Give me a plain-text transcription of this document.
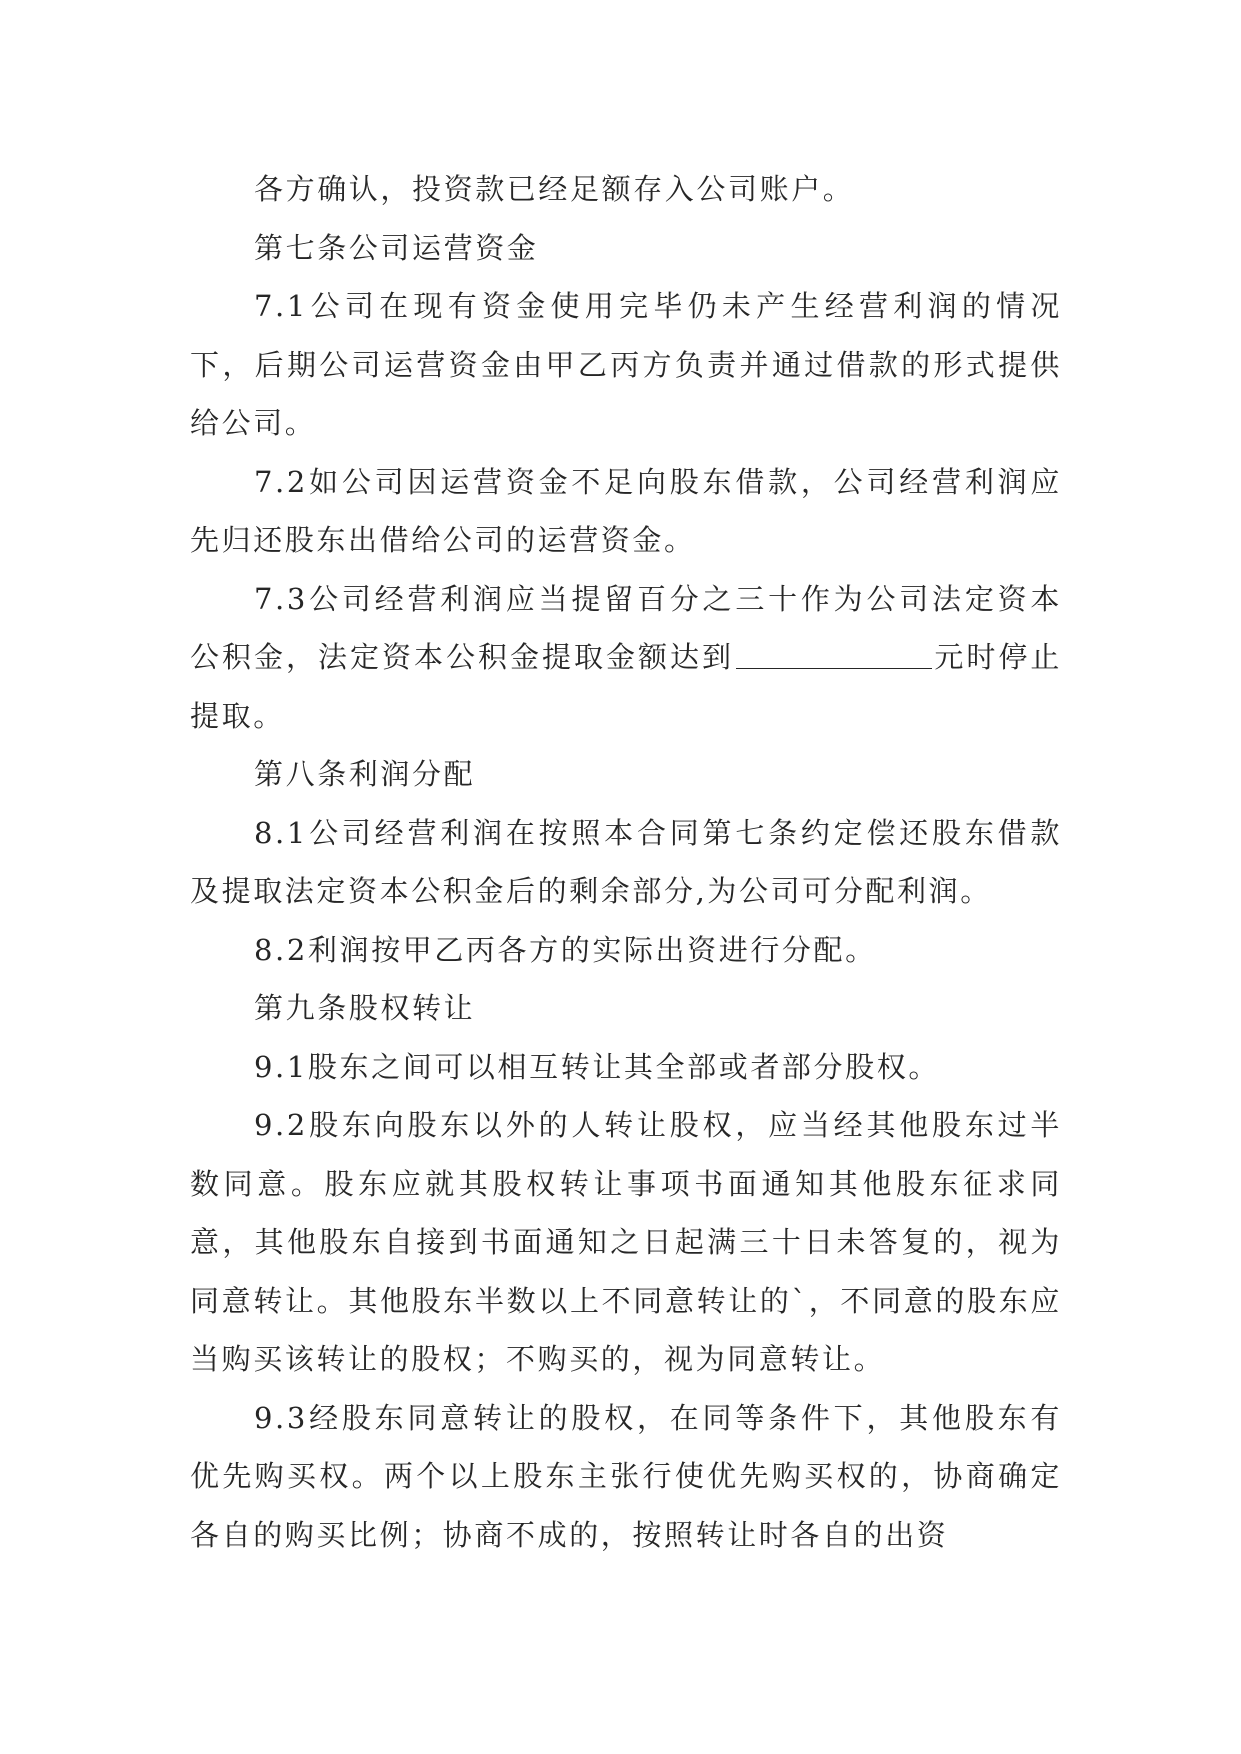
各方确认，投资款已经足额存入公司账户。

第七条公司运营资金

7.1公司在现有资金使用完毕仍未产生经营利润的情况下，后期公司运营资金由甲乙丙方负责并通过借款的形式提供给公司。

7.2如公司因运营资金不足向股东借款，公司经营利润应先归还股东出借给公司的运营资金。

7.3公司经营利润应当提留百分之三十作为公司法定资本公积金，法定资本公积金提取金额达到	元时停止提取。

第八条利润分配

8.1公司经营利润在按照本合同第七条约定偿还股东借款及提取法定资本公积金后的剩余部分,为公司可分配利润。

8.2利润按甲乙丙各方的实际出资进行分配。

第九条股权转让

9.1股东之间可以相互转让其全部或者部分股权。

9.2股东向股东以外的人转让股权，应当经其他股东过半数同意。股东应就其股权转让事项书面通知其他股东征求同意，其他股东自接到书面通知之日起满三十日未答复的，视为同意转让。其他股东半数以上不同意转让的`，不同意的股东应当购买该转让的股权；不购买的，视为同意转让。

9.3经股东同意转让的股权，在同等条件下，其他股东有优先购买权。两个以上股东主张行使优先购买权的，协商确定各自的购买比例；协商不成的，按照转让时各自的出资
